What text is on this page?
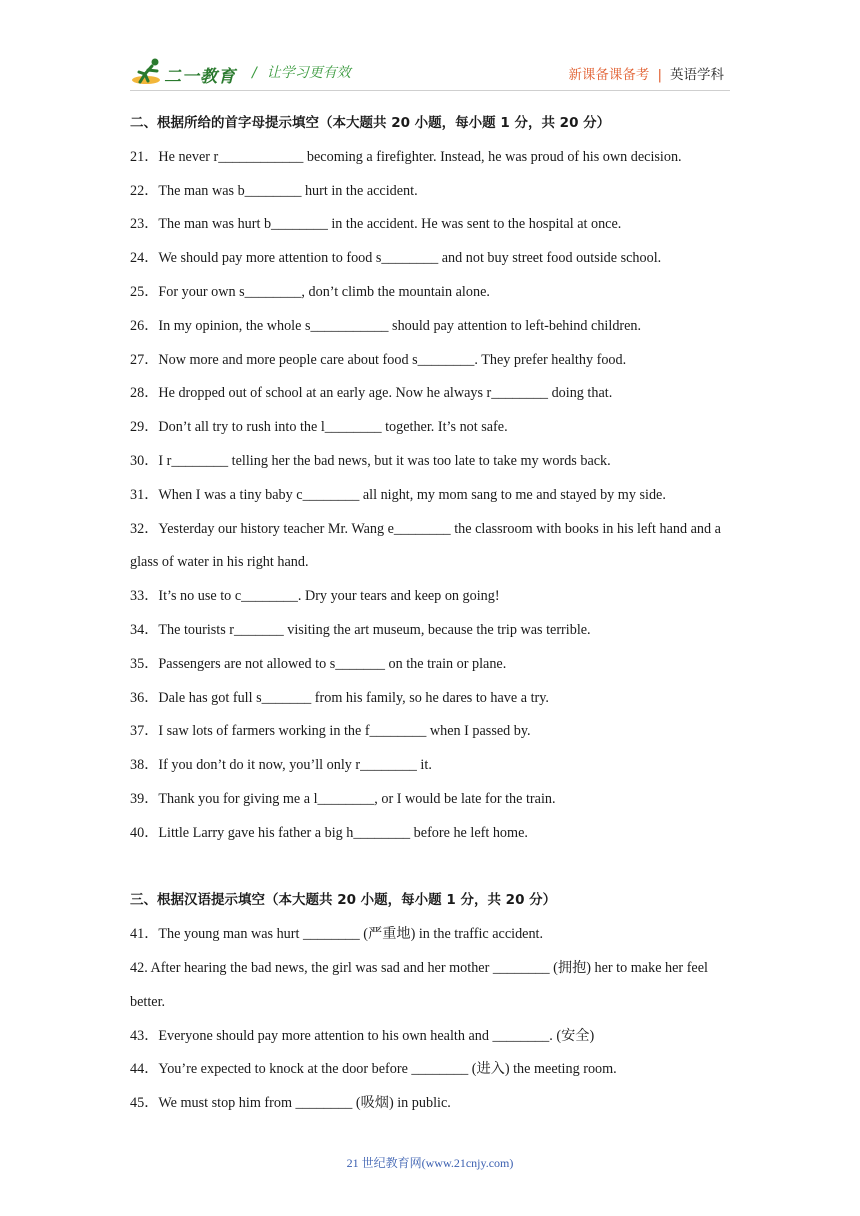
二一教育 / 让学习更有效	新课备课备考 | 英语学科
二、根据所给的首字母提示填空（本大题共 20 小题，每小题 1 分，共 20 分）
21．He never r____________ becoming a firefighter. Instead, he was proud of his own decision.
22．The man was b________ hurt in the accident.
23．The man was hurt b________ in the accident. He was sent to the hospital at once.
24．We should pay more attention to food s________ and not buy street food outside school.
25．For your own s________, don’t climb the mountain alone.
26．In my opinion, the whole s___________ should pay attention to left-behind children.
27．Now more and more people care about food s________. They prefer healthy food.
28．He dropped out of school at an early age. Now he always r________ doing that.
29．Don’t all try to rush into the l________ together. It’s not safe.
30．I r________ telling her the bad news, but it was too late to take my words back.
31．When I was a tiny baby c________ all night, my mom sang to me and stayed by my side.
32．Yesterday our history teacher Mr. Wang e________ the classroom with books in his left hand and a glass of water in his right hand.
33．It’s no use to c________. Dry your tears and keep on going!
34．The tourists r_______ visiting the art museum, because the trip was terrible.
35．Passengers are not allowed to s_______ on the train or plane.
36．Dale has got full s_______ from his family, so he dares to have a try.
37．I saw lots of farmers working in the f________ when I passed by.
38．If you don’t do it now, you’ll only r________ it.
39．Thank you for giving me a l________, or I would be late for the train.
40．Little Larry gave his father a big h________ before he left home.
三、根据汉语提示填空（本大题共 20 小题，每小题 1 分，共 20 分）
41．The young man was hurt ________ (严重地) in the traffic accident.
42. After hearing the bad news, the girl was sad and her mother ________ (拥抱) her to make her feel better.
43．Everyone should pay more attention to his own health and ________. (安全)
44．You’re expected to knock at the door before ________ (进入) the meeting room.
45．We must stop him from ________ (吸烟) in public.
21 世纪教育网(www.21cnjy.com)
